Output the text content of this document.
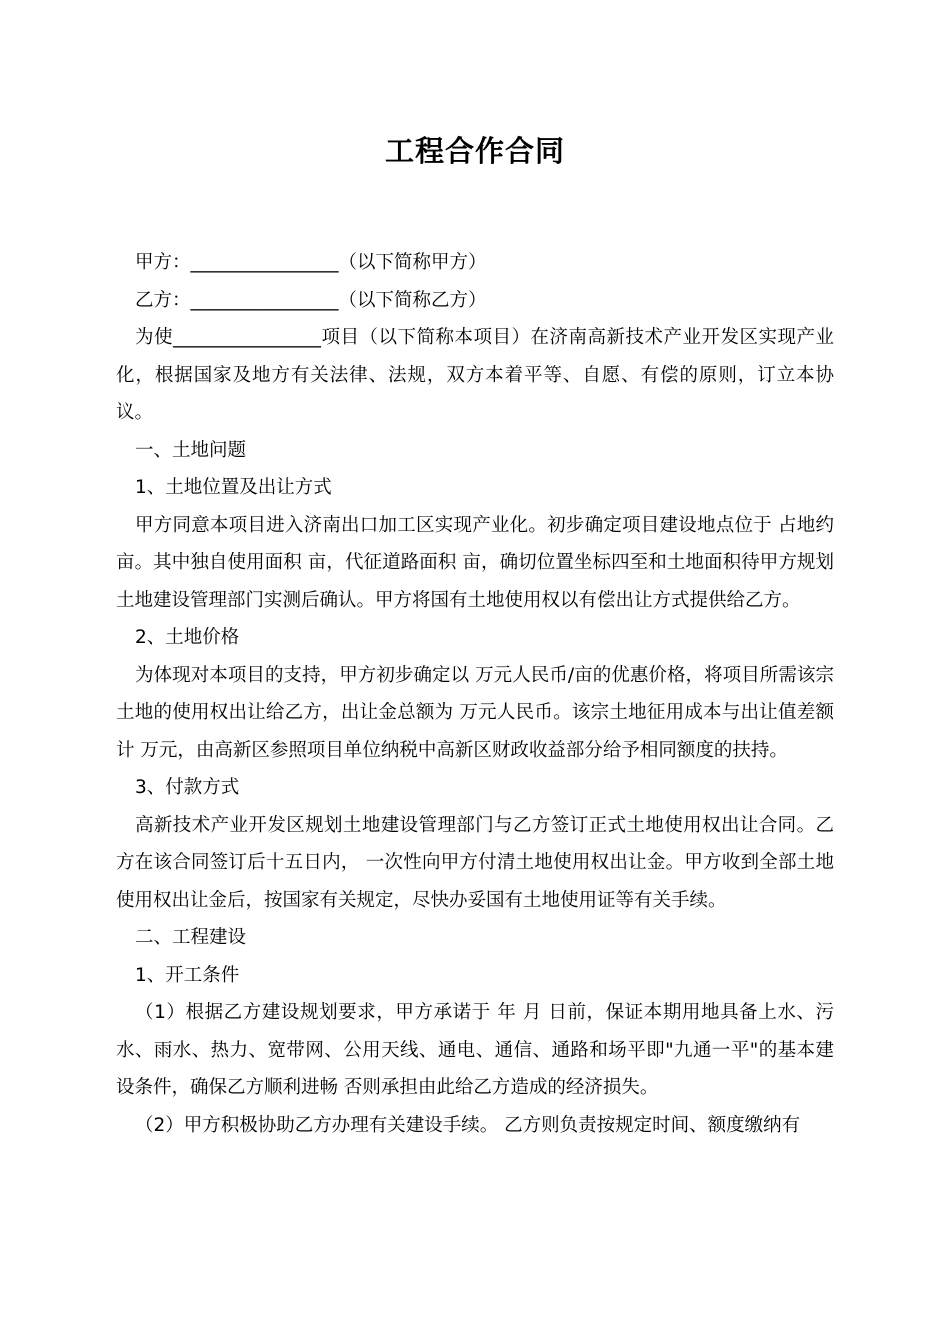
工程合作合同

甲方：________________（以下简称甲方）

乙方：________________（以下简称乙方）

为使________________项目（以下简称本项目）在济南高新技术产业开发区实现产业化，根据国家及地方有关法律、法规，双方本着平等、自愿、有偿的原则，订立本协议。

一、土地问题

1、土地位置及出让方式

甲方同意本项目进入济南出口加工区实现产业化。初步确定项目建设地点位于 占地约 亩。其中独自使用面积 亩，代征道路面积 亩，确切位置坐标四至和土地面积待甲方规划土地建设管理部门实测后确认。甲方将国有土地使用权以有偿出让方式提供给乙方。

2、土地价格

为体现对本项目的支持，甲方初步确定以 万元人民币/亩的优惠价格，将项目所需该宗土地的使用权出让给乙方，出让金总额为 万元人民币。该宗土地征用成本与出让值差额计 万元，由高新区参照项目单位纳税中高新区财政收益部分给予相同额度的扶持。

3、付款方式

高新技术产业开发区规划土地建设管理部门与乙方签订正式土地使用权出让合同。乙方在该合同签订后十五日内， 一次性向甲方付清土地使用权出让金。甲方收到全部土地使用权出让金后，按国家有关规定，尽快办妥国有土地使用证等有关手续。

二、工程建设

1、开工条件

（1）根据乙方建设规划要求，甲方承诺于 年 月 日前，保证本期用地具备上水、污水、雨水、热力、宽带网、公用天线、通电、通信、通路和场平即"九通一平"的基本建设条件，确保乙方顺利进畅 否则承担由此给乙方造成的经济损失。

（2）甲方积极协助乙方办理有关建设手续。 乙方则负责按规定时间、额度缴纳有
